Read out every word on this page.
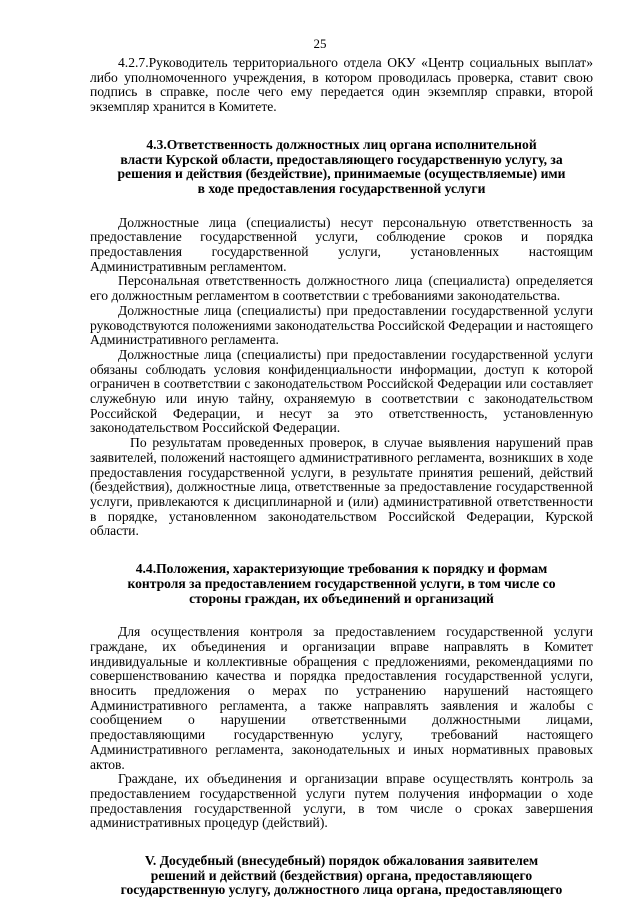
25

4.2.7.Руководитель территориального отдела ОКУ «Центр социальных выплат» либо уполномоченного учреждения, в котором проводилась проверка, ставит свою подпись в справке, после чего ему передается один экземпляр справки, второй экземпляр хранится в Комитете.

4.3.Ответственность должностных лиц органа исполнительной
власти Курской области, предоставляющего государственную услугу, за
решения и действия (бездействие), принимаемые (осуществляемые) ими
в ходе предоставления государственной услуги

Должностные лица (специалисты) несут персональную ответственность за предоставление государственной услуги, соблюдение сроков и порядка предоставления государственной услуги, установленных настоящим Административным регламентом.

Персональная ответственность должностного лица (специалиста) определяется его должностным регламентом в соответствии с требованиями законодательства.

Должностные лица (специалисты) при предоставлении государственной услуги руководствуются положениями законодательства Российской Федерации и настоящего Административного регламента.

Должностные лица (специалисты) при предоставлении государственной услуги обязаны соблюдать условия конфиденциальности информации, доступ к которой ограничен в соответствии с законодательством Российской Федерации или составляет служебную или иную тайну, охраняемую в соответствии с законодательством Российской Федерации, и несут за это ответственность, установленную законодательством Российской Федерации.

По результатам проведенных проверок, в случае выявления нарушений прав заявителей, положений настоящего административного регламента, возникших в ходе предоставления государственной услуги, в результате принятия решений, действий (бездействия), должностные лица, ответственные за предоставление государственной услуги, привлекаются к дисциплинарной и (или) административной ответственности в порядке, установленном законодательством Российской Федерации, Курской области.

4.4.Положения, характеризующие требования к порядку и формам
контроля за предоставлением государственной услуги, в том числе со
стороны граждан, их объединений и организаций

Для осуществления контроля за предоставлением государственной услуги граждане, их объединения и организации вправе направлять в Комитет индивидуальные и коллективные обращения с предложениями, рекомендациями по совершенствованию качества и порядка предоставления государственной услуги, вносить предложения о мерах по устранению нарушений настоящего Административного регламента, а также направлять заявления и жалобы с сообщением о нарушении ответственными должностными лицами, предоставляющими государственную услугу, требований настоящего Административного регламента, законодательных и иных нормативных правовых актов.

Граждане, их объединения и организации вправе осуществлять контроль за предоставлением государственной услуги путем получения информации о ходе предоставления государственной услуги, в том числе о сроках завершения административных процедур (действий).

V. Досудебный (внесудебный) порядок обжалования заявителем
решений и действий (бездействия) органа, предоставляющего
государственную услугу, должностного лица органа, предоставляющего
